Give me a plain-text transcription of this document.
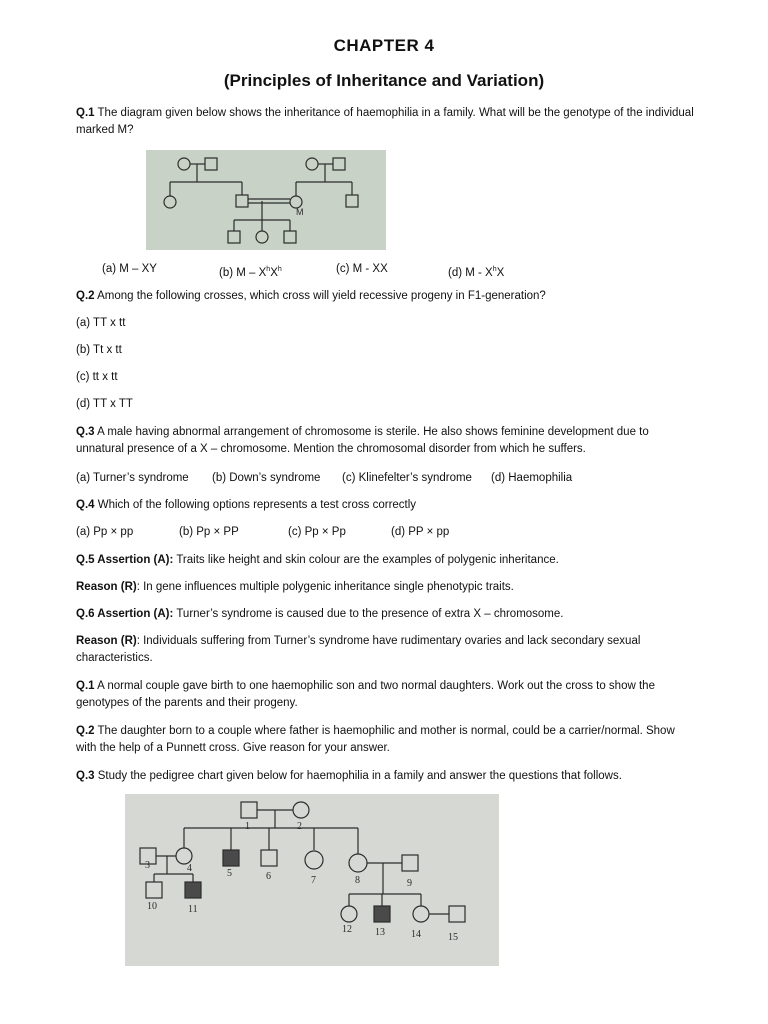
CHAPTER 4
(Principles of Inheritance and Variation)

Q.1 The diagram given below shows the inheritance of haemophilia in a family. What will be the genotype of the individual marked M?

M
(a) M – XY	(b) M – $X^hX^h$	(c) M - XX	(d) M - $X^hX$

Q.2 Among the following crosses, which cross will yield recessive progeny in F1-generation?

(a) TT x tt
(b) Tt x tt
(c) tt x tt
(d) TT x TT

Q.3 A male having abnormal arrangement of chromosome is sterile. He also shows feminine development due to unnatural presence of a X – chromosome. Mention the chromosomal disorder from which he suffers.

(a) Turner’s syndrome (b) Down’s syndrome (c) Klinefelter’s syndrome (d) Haemophilia

Q.4 Which of the following options represents a test cross correctly

(a) Pp × pp	(b) Pp × PP	(c) Pp × Pp	(d) PP × pp

Q.5 Assertion (A): Traits like height and skin colour are the examples of polygenic inheritance.

Reason (R): In gene influences multiple polygenic inheritance single phenotypic traits.

Q.6 Assertion (A): Turner’s syndrome is caused due to the presence of extra X – chromosome.

Reason (R): Individuals suffering from Turner’s syndrome have rudimentary ovaries and lack secondary sexual characteristics.

Q.1 A normal couple gave birth to one haemophilic son and two normal daughters. Work out the cross to show the genotypes of the parents and their progeny.

Q.2 The daughter born to a couple where father is haemophilic and mother is normal, could be a carrier/normal. Show with the help of a Punnett cross. Give reason for your answer.

Q.3 Study the pedigree chart given below for haemophilia in a family and answer the questions that follows.

1	2
3	4	5	6	7	8	9
10	11
12 13	14	15
